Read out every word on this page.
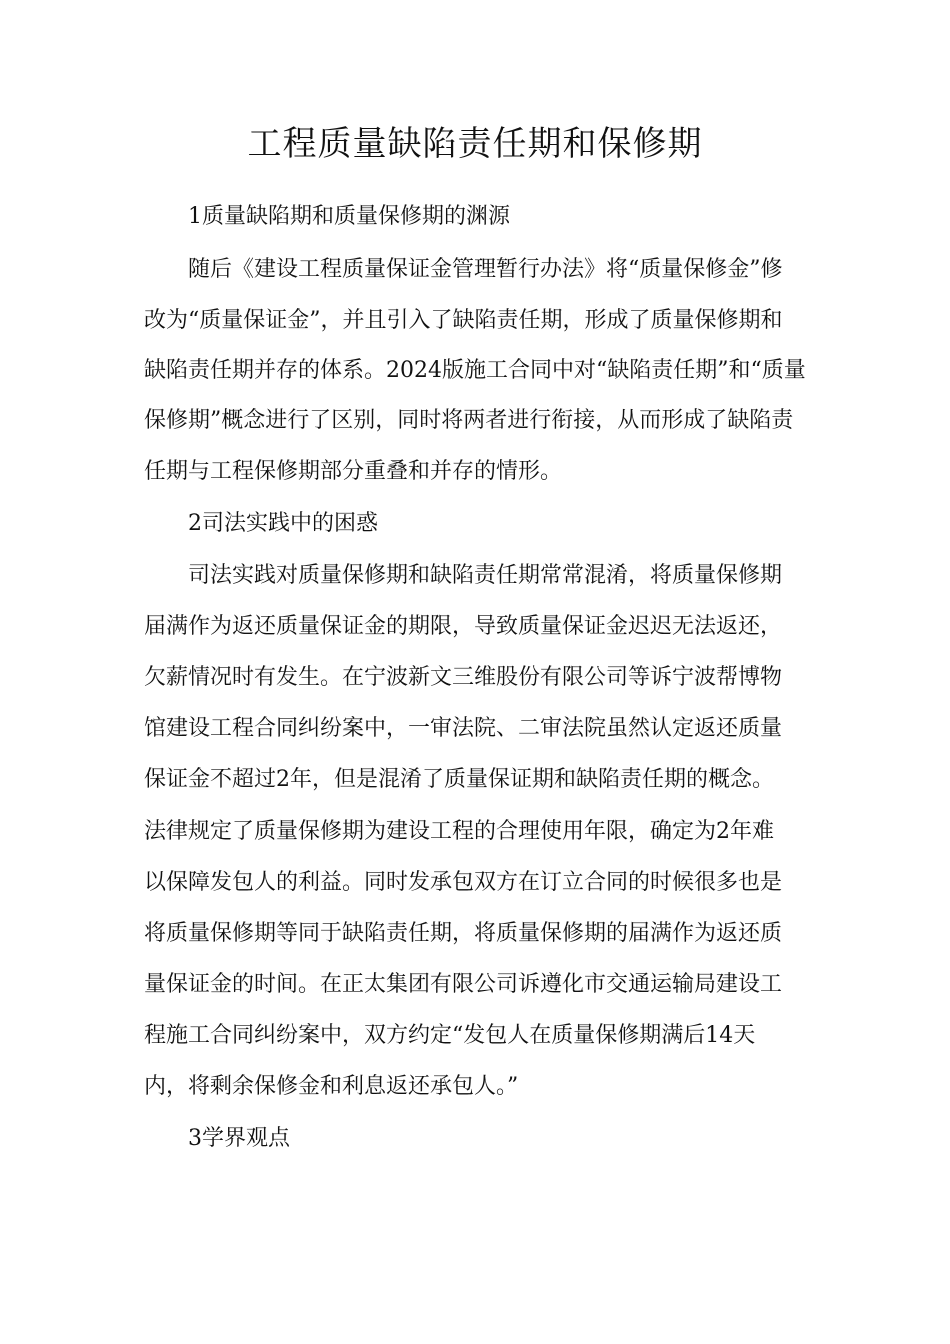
工程质量缺陷责任期和保修期

1质量缺陷期和质量保修期的渊源

随后《建设工程质量保证金管理暂行办法》将“质量保修金”修

改为“质量保证金”，并且引入了缺陷责任期，形成了质量保修期和

缺陷责任期并存的体系。2024版施工合同中对“缺陷责任期”和“质量

保修期”概念进行了区别，同时将两者进行衔接，从而形成了缺陷责

任期与工程保修期部分重叠和并存的情形。

2司法实践中的困惑

司法实践对质量保修期和缺陷责任期常常混淆，将质量保修期

届满作为返还质量保证金的期限，导致质量保证金迟迟无法返还，

欠薪情况时有发生。在宁波新文三维股份有限公司等诉宁波帮博物

馆建设工程合同纠纷案中，一审法院、二审法院虽然认定返还质量

保证金不超过2年，但是混淆了质量保证期和缺陷责任期的概念。

法律规定了质量保修期为建设工程的合理使用年限，确定为2年难

以保障发包人的利益。同时发承包双方在订立合同的时候很多也是

将质量保修期等同于缺陷责任期，将质量保修期的届满作为返还质

量保证金的时间。在正太集团有限公司诉遵化市交通运输局建设工

程施工合同纠纷案中，双方约定“发包人在质量保修期满后14天

内，将剩余保修金和利息返还承包人。”

3学界观点
